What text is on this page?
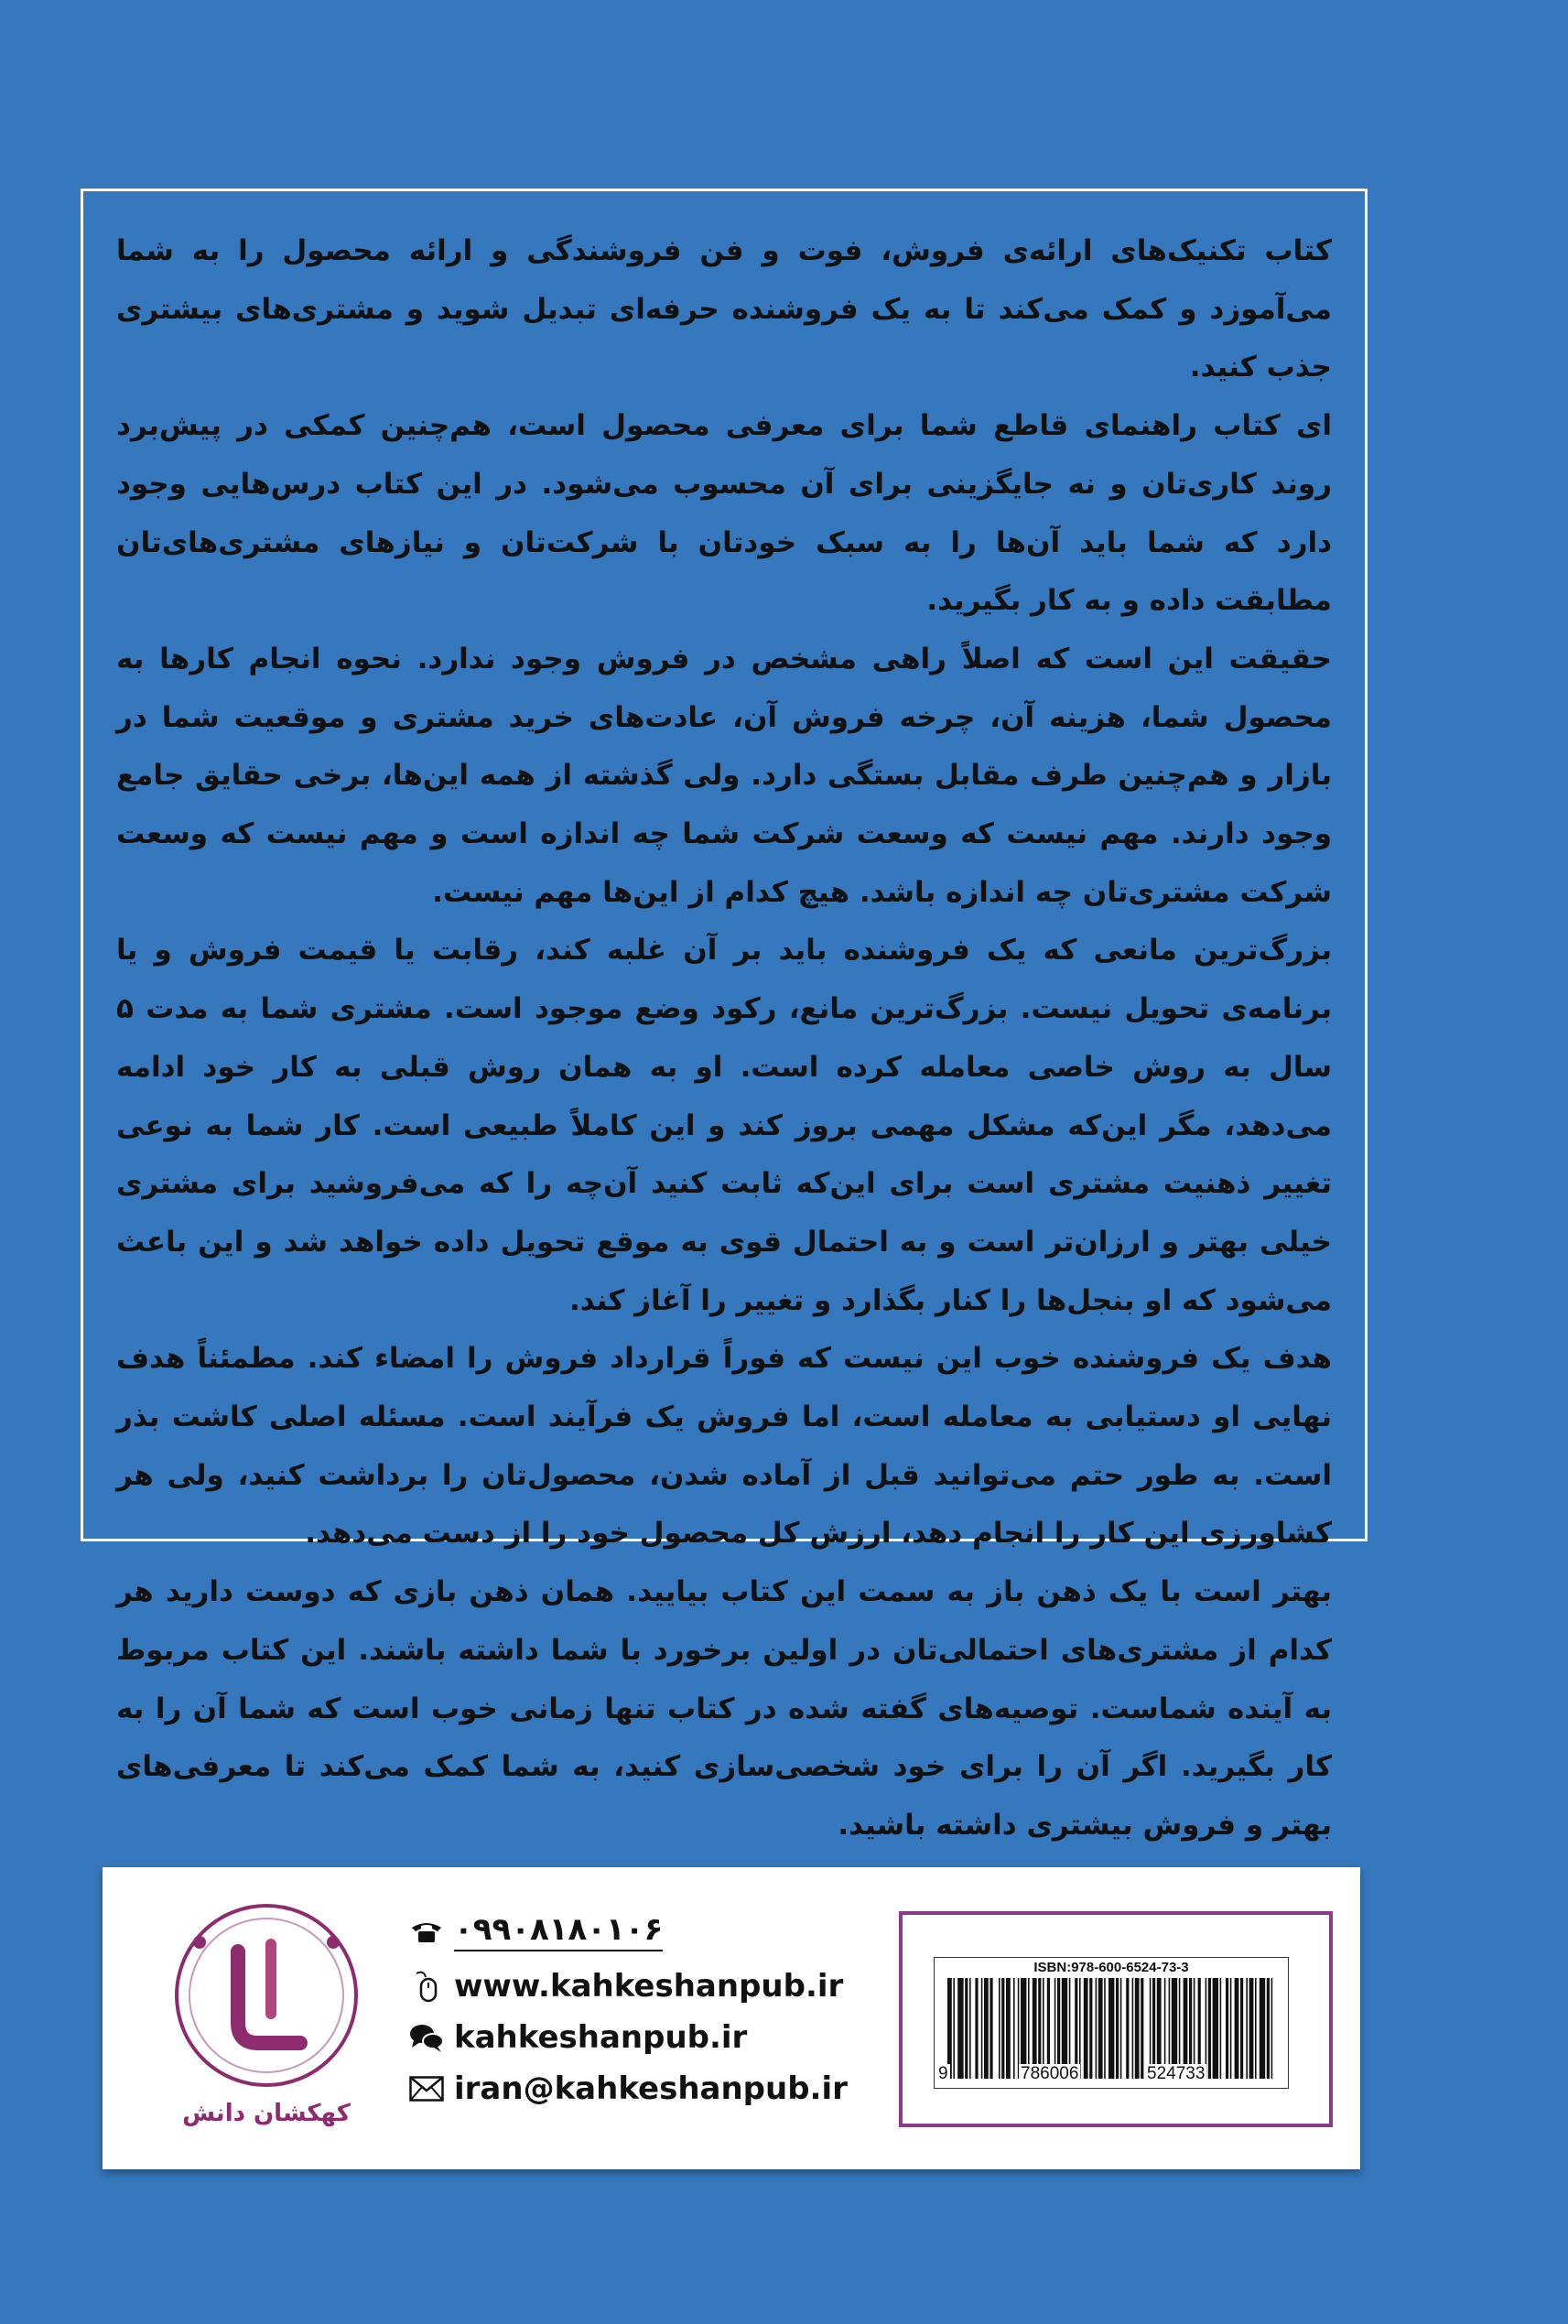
کتاب تکنیک‌های ارائه‌ی فروش، فوت و فن فروشندگی و ارائه محصول را به شما می‌آموزد و کمک می‌کند تا به یک فروشنده حرفه‌ای تبدیل شوید و مشتری‌های بیشتری جذب کنید.

ای کتاب راهنمای قاطع شما برای معرفی محصول است، هم‌چنین کمکی در پیش‌برد روند کاری‌تان و نه جایگزینی برای آن محسوب می‌شود. در این کتاب درس‌هایی وجود دارد که شما باید آن‌ها را به سبک خودتان با شرکت‌تان و نیازهای مشتری‌های‌تان مطابقت داده و به کار بگیرید.

حقیقت این است که اصلاً راهی مشخص در فروش وجود ندارد. نحوه انجام کارها به محصول شما، هزینه آن، چرخه فروش آن، عادت‌های خرید مشتری و موقعیت شما در بازار و هم‌چنین طرف مقابل بستگی دارد. ولی گذشته از همه این‌ها، برخی حقایق جامع وجود دارند. مهم نیست که وسعت شرکت شما چه اندازه است و مهم نیست که وسعت شرکت مشتری‌تان چه اندازه باشد. هیچ کدام از این‌ها مهم نیست.

بزرگ‌ترین مانعی که یک فروشنده باید بر آن غلبه کند، رقابت یا قیمت فروش و یا برنامه‌ی تحویل نیست. بزرگ‌ترین مانع، رکود وضع موجود است. مشتری شما به مدت ۵ سال به روش خاصی معامله کرده است. او به همان روش قبلی به کار خود ادامه می‌دهد، مگر این‌که مشکل مهمی بروز کند و این کاملاً طبیعی است. کار شما به نوعی تغییر ذهنیت مشتری است برای این‌که ثابت کنید آن‌چه را که می‌فروشید برای مشتری خیلی بهتر و ارزان‌تر است و به احتمال قوی به موقع تحویل داده خواهد شد و این باعث می‌شود که او بنجل‌ها را کنار بگذارد و تغییر را آغاز کند.

هدف یک فروشنده خوب این نیست که فوراً قرارداد فروش را امضاء کند. مطمئناً هدف نهایی او دستیابی به معامله است، اما فروش یک فرآیند است. مسئله اصلی کاشت بذر است. به طور حتم می‌توانید قبل از آماده شدن، محصول‌تان را برداشت کنید، ولی هر کشاورزی این کار را انجام دهد، ارزش کل محصول خود را از دست می‌دهد.

بهتر است با یک ذهن باز به سمت این کتاب بیایید. همان ذهن بازی که دوست دارید هر کدام از مشتری‌های احتمالی‌تان در اولین برخورد با شما داشته باشند. این کتاب مربوط به آینده شماست. توصیه‌های گفته شده در کتاب تنها زمانی خوب است که شما آن را به کار بگیرید. اگر آن را برای خود شخصی‌سازی کنید، به شما کمک می‌کند تا معرفی‌های بهتر و فروش بیشتری داشته باشید.

کهکشان دانش
۰۹۹۰۸۱۸۰۱۰۶
www.kahkeshanpub.ir
kahkeshanpub.ir
iran@kahkeshanpub.ir
ISBN:978-600-6524-73-3
9	786006	524733
